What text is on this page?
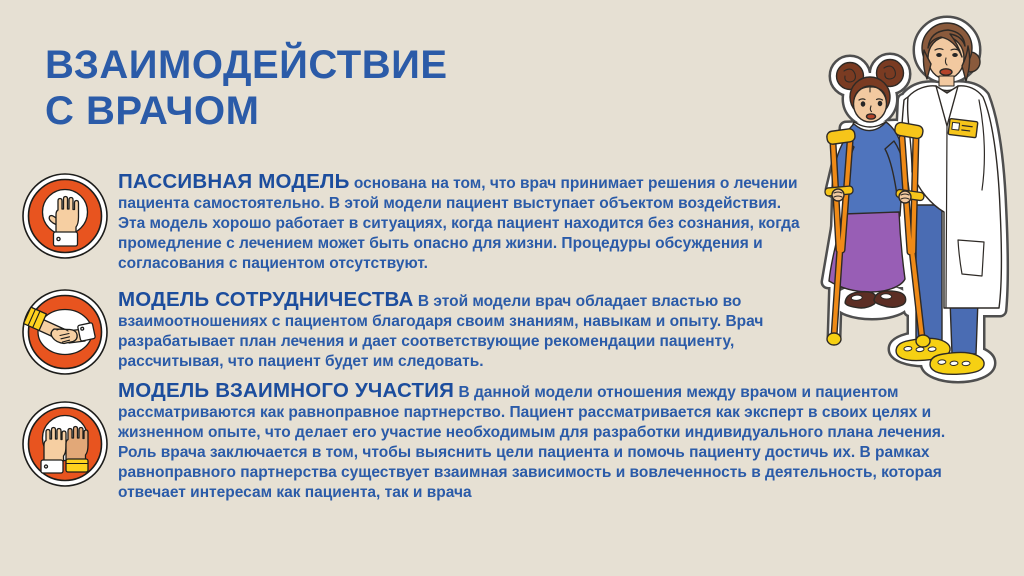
ВЗАИМОДЕЙСТВИЕ
С ВРАЧОМ

ПАССИВНАЯ МОДЕЛЬ основана на том, что врач принимает решения о лечении пациента самостоятельно. В этой модели пациент выступает объектом воздействия. Эта модель хорошо работает в ситуациях, когда пациент находится без сознания, когда промедление с лечением может быть опасно для жизни. Процедуры обсуждения и согласования с пациентом отсутствуют.

МОДЕЛЬ СОТРУДНИЧЕСТВА В этой модели врач обладает властью во взаимоотношениях с пациентом благодаря своим знаниям, навыкам и опыту. Врач разрабатывает план лечения и дает соответствующие рекомендации пациенту, рассчитывая, что пациент будет им следовать.

МОДЕЛЬ ВЗАИМНОГО УЧАСТИЯ В данной модели отношения между врачом и пациентом рассматриваются как равноправное партнерство. Пациент рассматривается как эксперт в своих целях и жизненном опыте, что делает его участие необходимым для разработки индивидуального плана лечения. Роль врача заключается в том, чтобы выяснить цели пациента и помочь пациенту достичь их. В рамках равноправного партнерства существует взаимная зависимость и вовлеченность в деятельность, которая отвечает интересам как пациента, так и врача
